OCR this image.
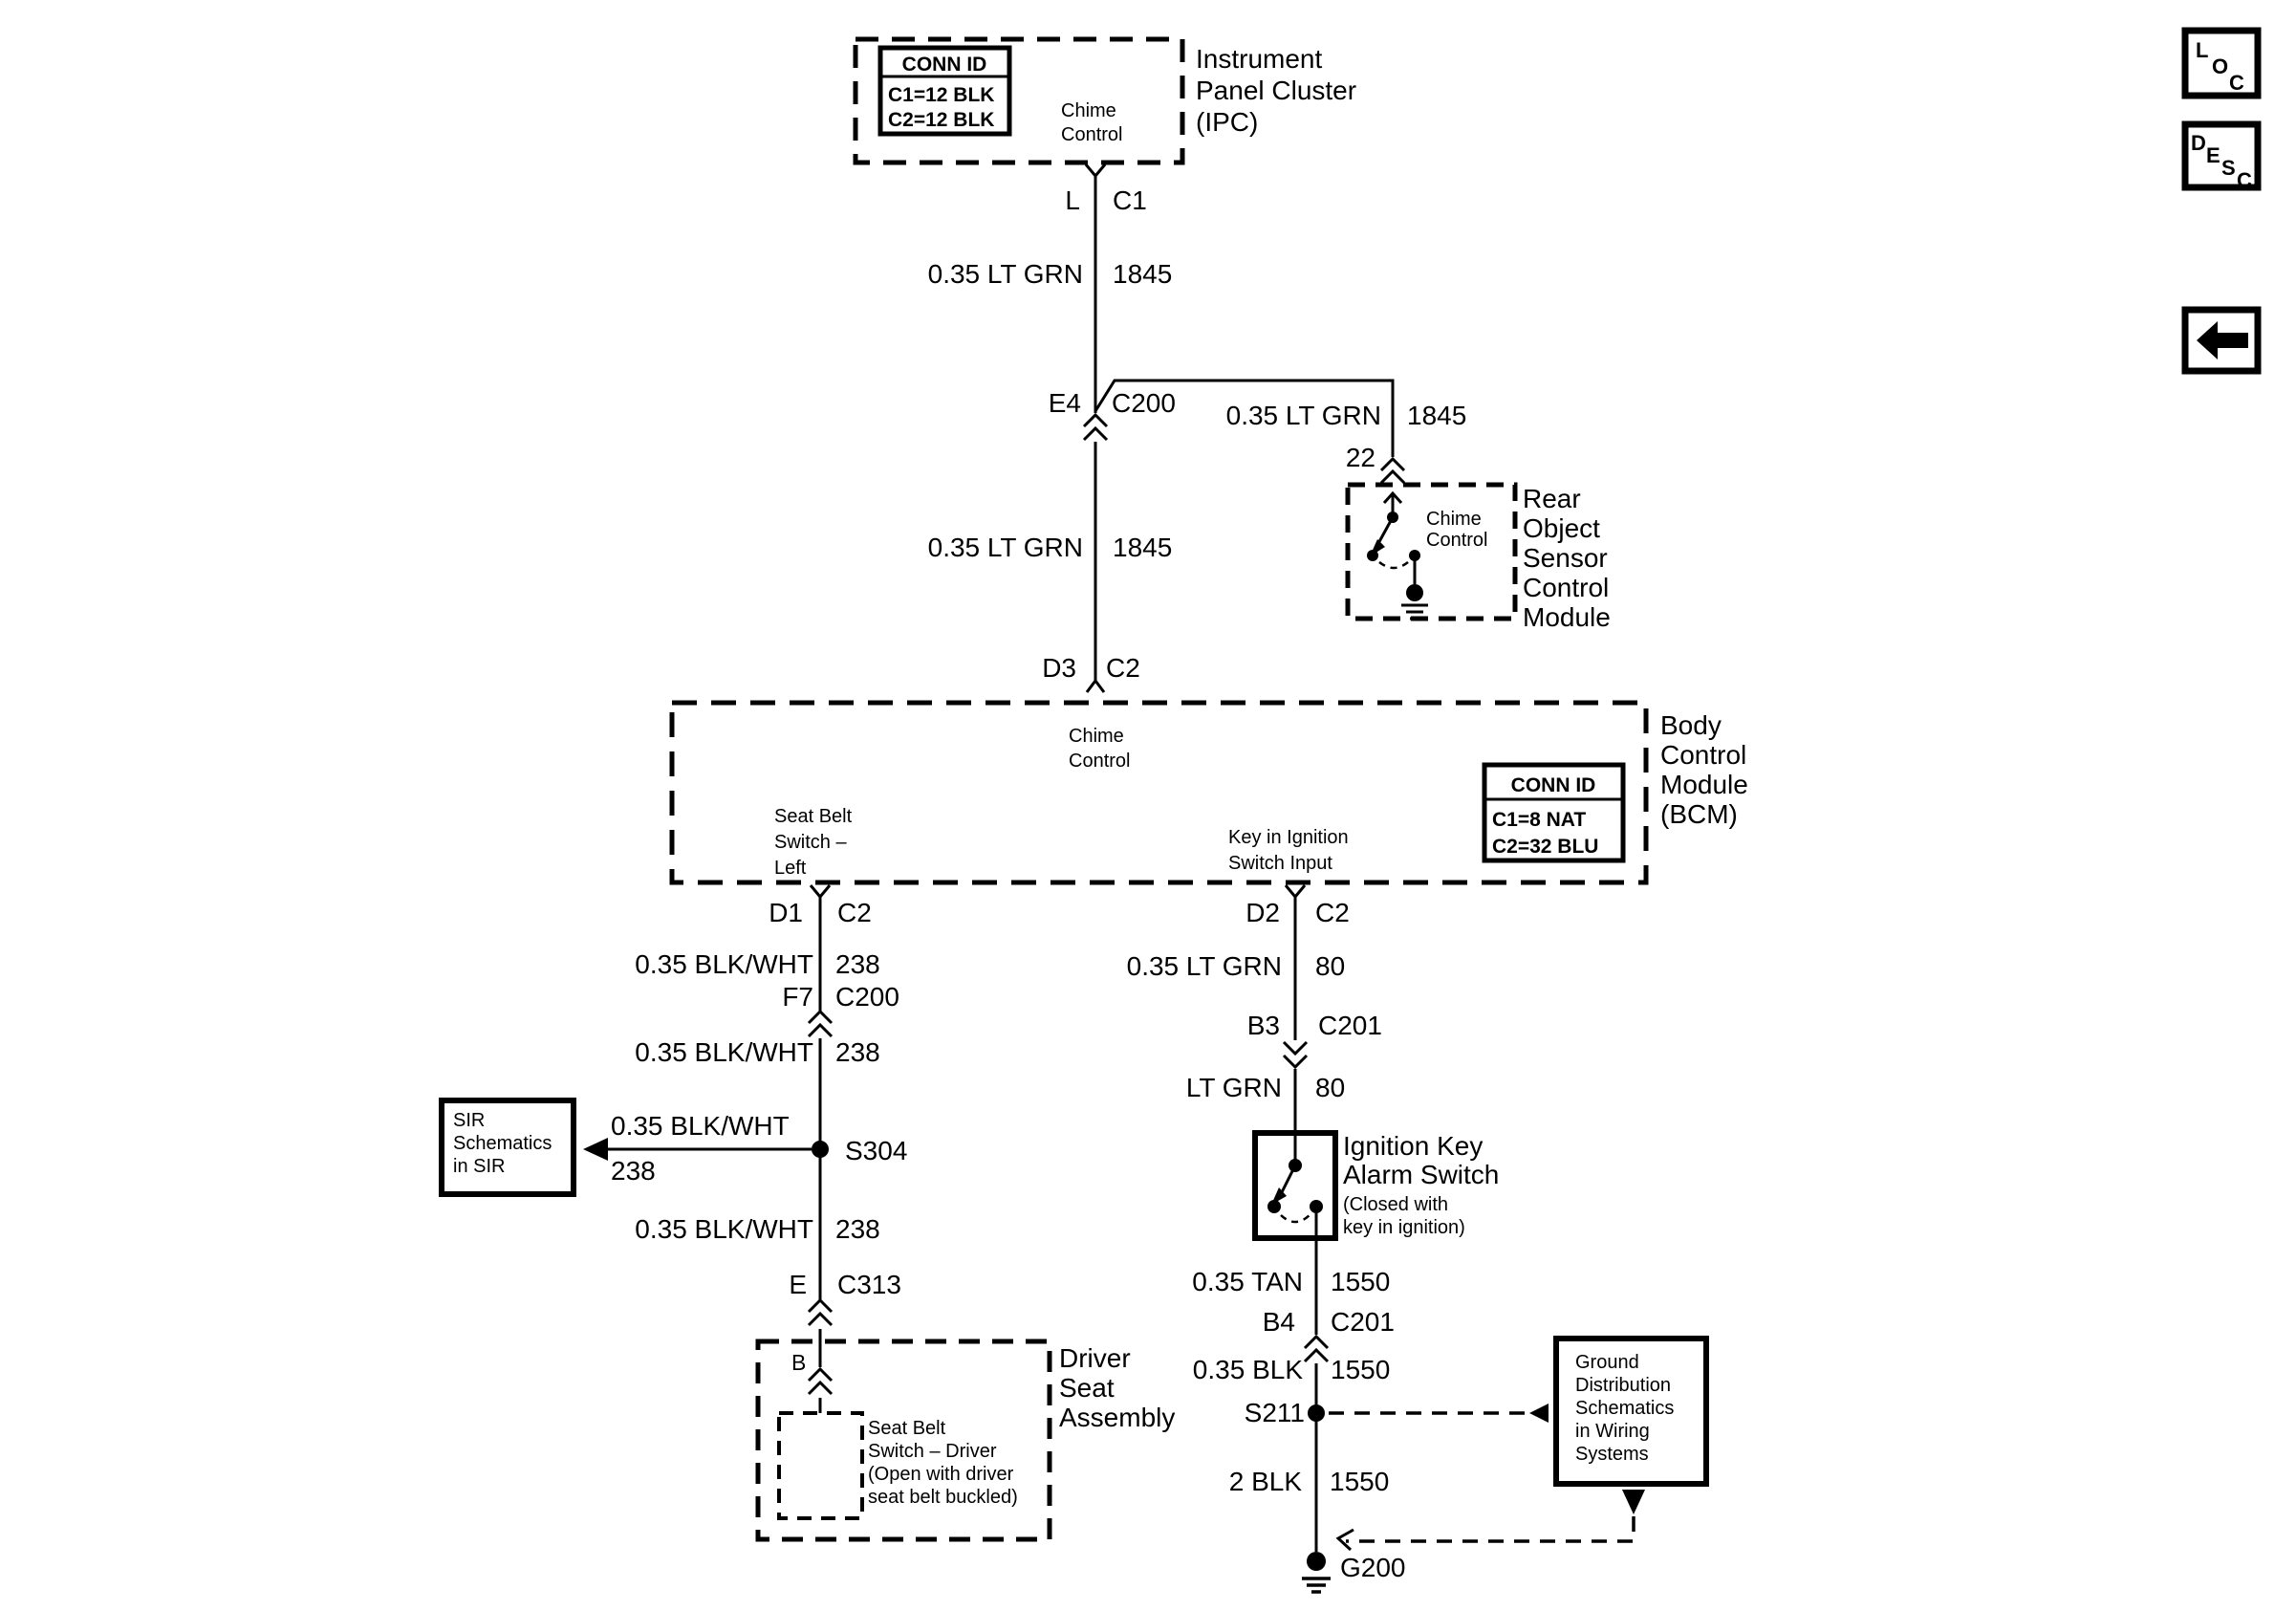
CONN ID
C1=12 BLK
C2=12 BLK	Chime
Control
Instrument
Panel Cluster
(IPC)
L C1
0.35 LT GRN 1845
E4 C200
0.35 LT GRN 1845
D3 C2
0.35 LT GRN 1845
22
Chime
Control
Rear
Object
Sensor
Control
Module
Chime
Control
Seat Belt
Switch –
Left
Key in Ignition
Switch Input
CONN ID
C1=8 NAT
C2=32 BLU
Body
Control
Module
(BCM)
D1 C2	D2 C2
0.35 BLK/WHT 238
F7 C200
0.35 BLK/WHT 238
SIR
Schematics
in SIR
0.35 BLK/WHT
238
S304
0.35 BLK/WHT 238
E C313
B
Seat Belt
Switch – Driver
(Open with driver
seat belt buckled)
Driver
Seat
Assembly
0.35 LT GRN 80
B3 C201
LT GRN 80
Ignition Key
Alarm Switch
(Closed with
key in ignition)
0.35 TAN 1550
B4 C201
0.35 BLK 1550
S211
Ground
Distribution
Schematics
in Wiring
Systems
2 BLK 1550
G200
L
O
C
D
E
S
C
